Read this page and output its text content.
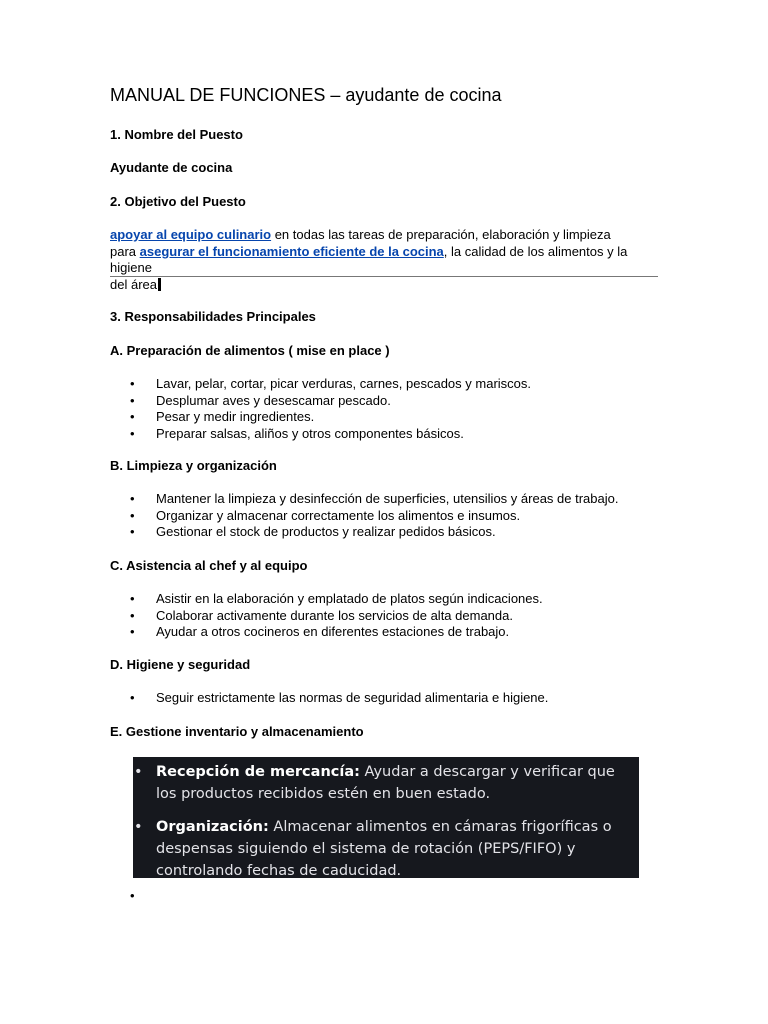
MANUAL DE FUNCIONES – ayudante de cocina
1. Nombre del Puesto
Ayudante de cocina
2. Objetivo del Puesto
apoyar al equipo culinario en todas las tareas de preparación, elaboración y limpieza
para asegurar el funcionamiento eficiente de la cocina, la calidad de los alimentos y la higiene
del área
3. Responsabilidades Principales
A. Preparación de alimentos ( mise en place )
• Lavar, pelar, cortar, picar verduras, carnes, pescados y mariscos.
• Desplumar aves y desescamar pescado.
• Pesar y medir ingredientes.
• Preparar salsas, aliños y otros componentes básicos.
B. Limpieza y organización
• Mantener la limpieza y desinfección de superficies, utensilios y áreas de trabajo.
• Organizar y almacenar correctamente los alimentos e insumos.
• Gestionar el stock de productos y realizar pedidos básicos.
C. Asistencia al chef y al equipo
• Asistir en la elaboración y emplatado de platos según indicaciones.
• Colaborar activamente durante los servicios de alta demanda.
• Ayudar a otros cocineros en diferentes estaciones de trabajo.
D. Higiene y seguridad
• Seguir estrictamente las normas de seguridad alimentaria e higiene.
E. Gestione inventario y almacenamiento
• Recepción de mercancía: Ayudar a descargar y verificar que los productos recibidos estén en buen estado.
• Organización: Almacenar alimentos en cámaras frigoríficas o despensas siguiendo el sistema de rotación (PEPS/FIFO) y controlando fechas de caducidad.
•
